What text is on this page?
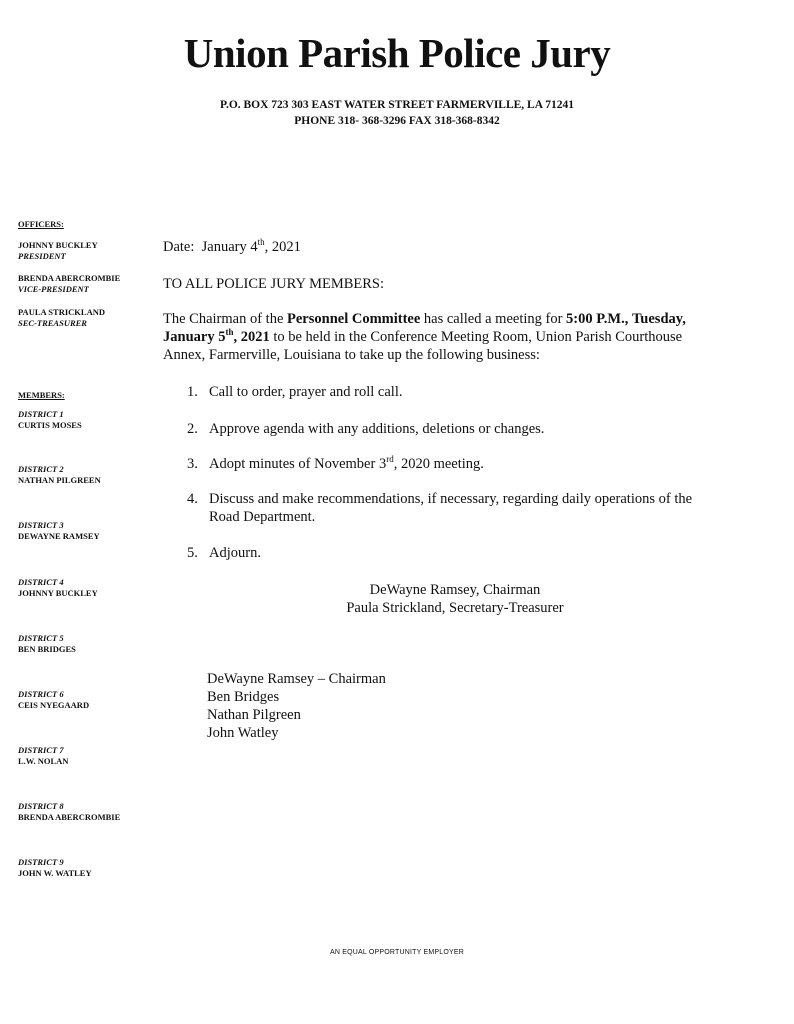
Union Parish Police Jury
P.O. BOX 723 303 EAST WATER STREET FARMERVILLE, LA 71241
PHONE 318- 368-3296 FAX 318-368-8342
OFFICERS:
JOHNNY BUCKLEY
PRESIDENT
BRENDA ABERCROMBIE
VICE-PRESIDENT
PAULA STRICKLAND
SEC-TREASURER
MEMBERS:
DISTRICT 1
CURTIS MOSES
DISTRICT 2
NATHAN PILGREEN
DISTRICT 3
DEWAYNE RAMSEY
DISTRICT 4
JOHNNY BUCKLEY
DISTRICT 5
BEN BRIDGES
DISTRICT 6
CEIS NYEGAARD
DISTRICT 7
L.W. NOLAN
DISTRICT 8
BRENDA ABERCROMBIE
DISTRICT 9
JOHN W. WATLEY
Date: January 4th, 2021
TO ALL POLICE JURY MEMBERS:
The Chairman of the Personnel Committee has called a meeting for 5:00 P.M., Tuesday, January 5th, 2021 to be held in the Conference Meeting Room, Union Parish Courthouse Annex, Farmerville, Louisiana to take up the following business:
1. Call to order, prayer and roll call.
2. Approve agenda with any additions, deletions or changes.
3. Adopt minutes of November 3rd, 2020 meeting.
4. Discuss and make recommendations, if necessary, regarding daily operations of the Road Department.
5. Adjourn.
DeWayne Ramsey, Chairman
Paula Strickland, Secretary-Treasurer
DeWayne Ramsey – Chairman
Ben Bridges
Nathan Pilgreen
John Watley
AN EQUAL OPPORTUNITY EMPLOYER
